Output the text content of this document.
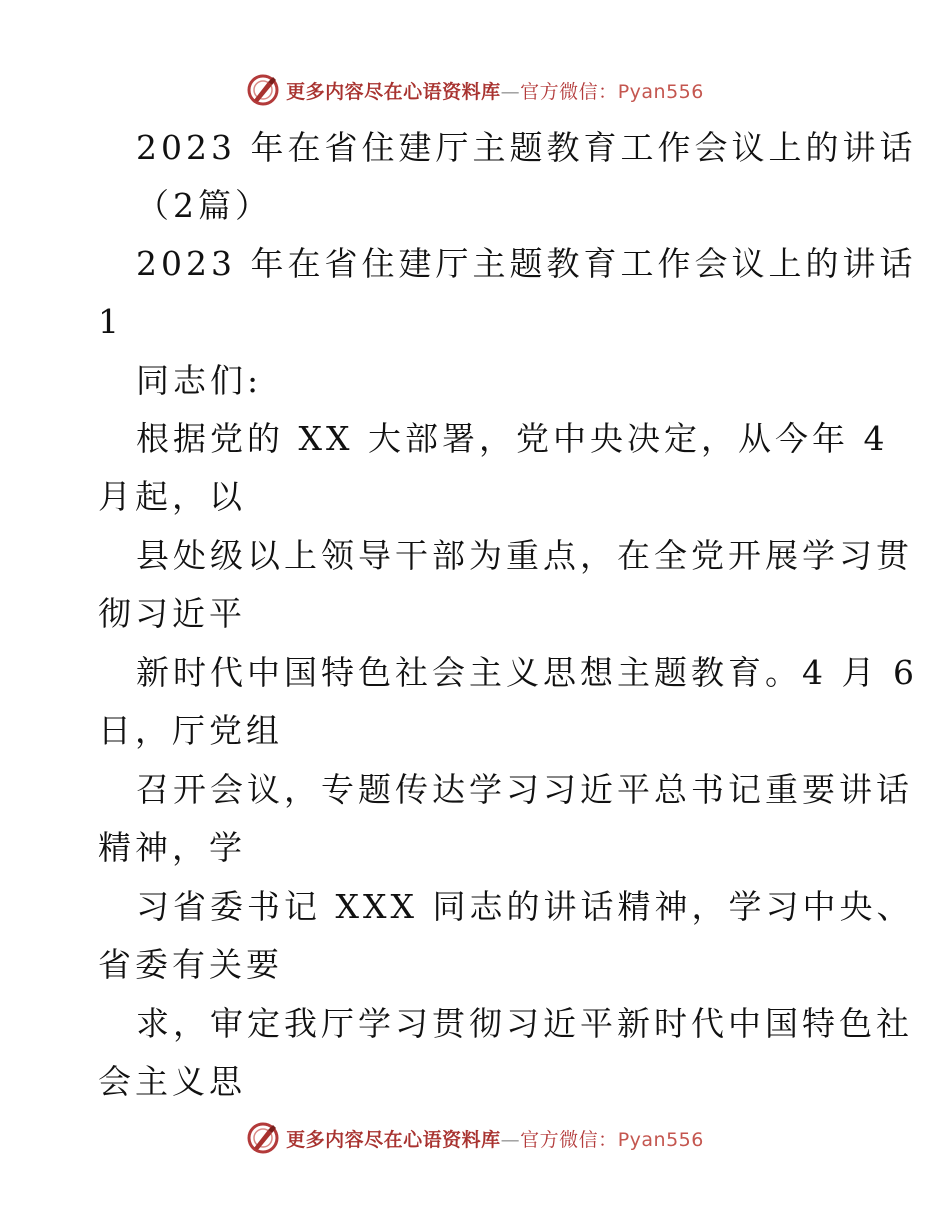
更多内容尽在心语资料库—官方微信：Pyan556
2023 年在省住建厅主题教育工作会议上的讲话
（2篇）
2023 年在省住建厅主题教育工作会议上的讲话
1
同志们:
根据党的 XX 大部署，党中央决定，从今年 4
月起，以
县处级以上领导干部为重点，在全党开展学习贯
彻习近平
新时代中国特色社会主义思想主题教育。4 月 6
日，厅党组
召开会议，专题传达学习习近平总书记重要讲话
精神，学
习省委书记 XXX 同志的讲话精神，学习中央、
省委有关要
求，审定我厅学习贯彻习近平新时代中国特色社
会主义思
更多内容尽在心语资料库—官方微信：Pyan556
